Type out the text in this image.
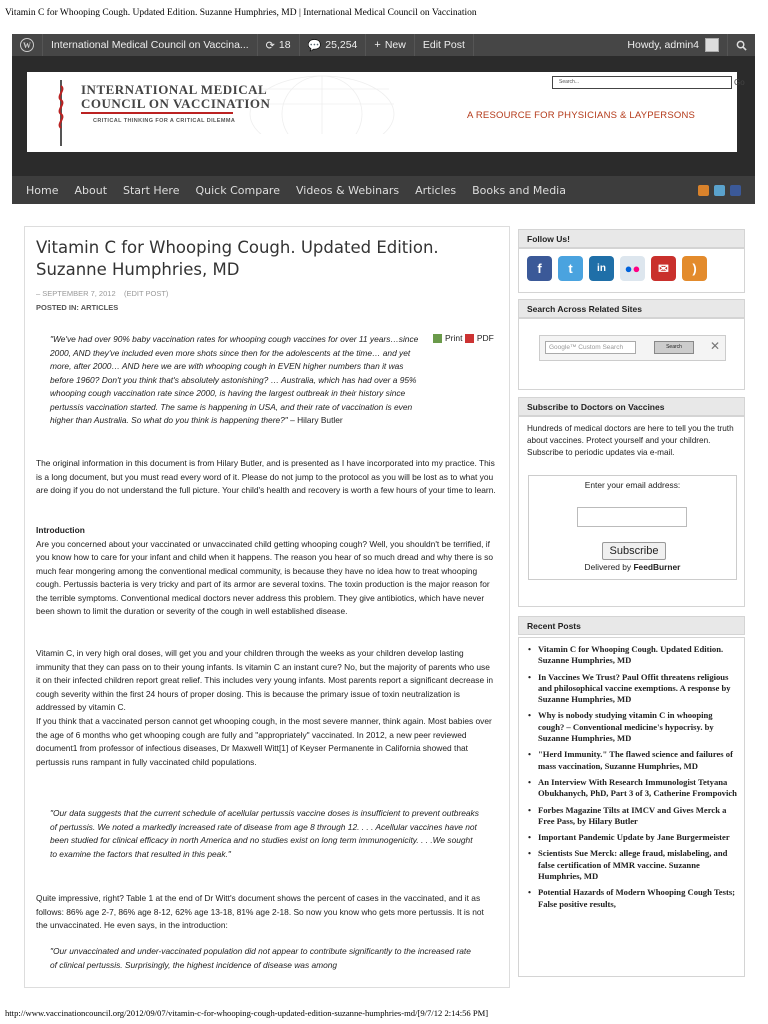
Vitamin C for Whooping Cough. Updated Edition. Suzanne Humphries, MD | International Medical Council on Vaccination
http://www.vaccinationcouncil.org/2012/09/07/vitamin-c-for-whooping-cough-updated-edition-suzanne-humphries-md/[9/7/12 2:14:56 PM]
W International Medical Council on Vaccina... ⟳ 18 💬 25,254 + New Edit Post	Howdy, admin4
INTERNATIONAL MEDICAL
COUNCIL ON VACCINATION
CRITICAL THINKING FOR A CRITICAL DILEMMA	A RESOURCE FOR PHYSICIANS & LAYPERSONS
Search...	Go
Home	About	Start Here	Quick Compare	Videos & Webinars	Articles	Books and Media
Vitamin C for Whooping Cough. Updated Edition. Suzanne Humphries, MD
– SEPTEMBER 7, 2012 (EDIT POST)
POSTED IN: ARTICLES
Print
PDF
"We've had over 90% baby vaccination rates for whooping cough vaccines for over 11 years…since 2000, AND they've included even more shots since then for the adolescents at the time… and yet more, after 2000… AND here we are with whooping cough in EVEN higher numbers than it was before 1960? Don't you think that's absolutely astonishing? … Australia, which has had over a 95% whooping cough vaccination rate since 2000, is having the largest outbreak in their history since pertussis vaccination started. The same is happening in USA, and their rate of vaccination is even higher than Australia. So what do you think is happening there?" – Hilary Butler
The original information in this document is from Hilary Butler, and is presented as I have incorporated into my practice. This is a long document, but you must read every word of it. Please do not jump to the protocol as you will be lost as to what you are doing if you do not understand the full picture. Your child's health and recovery is worth a few hours of your time to learn.
Introduction
Are you concerned about your vaccinated or unvaccinated child getting whooping cough? Well, you shouldn't be terrified, if you know how to care for your infant and child when it happens. The reason you hear of so much dread and why there is so much fear mongering among the conventional medical community, is because they have no idea how to treat whooping cough. Pertussis bacteria is very tricky and part of its armor are several toxins. The toxin production is the major reason for the terrible symptoms. Conventional medical doctors never address this problem. They give antibiotics, which have never been shown to limit the duration or severity of the cough in well established disease.
Vitamin C, in very high oral doses, will get you and your children through the weeks as your children develop lasting immunity that they can pass on to their young infants. Is vitamin C an instant cure? No, but the majority of parents who use it on their infected children report great relief. This includes very young infants. Most parents report a significant decrease in cough severity within the first 24 hours of proper dosing. This is because the primary issue of toxin neutralization is addressed by vitamin C.
If you think that a vaccinated person cannot get whooping cough, in the most severe manner, think again. Most babies over the age of 6 months who get whooping cough are fully and "appropriately" vaccinated. In 2012, a new peer reviewed document1 from professor of infectious diseases, Dr Maxwell Witt[1] of Keyser Permanente in California showed that pertussis runs rampant in fully vaccinated child populations.
"Our data suggests that the current schedule of acellular pertussis vaccine doses is insufficient to prevent outbreaks of pertussis. We noted a markedly increased rate of disease from age 8 through 12. . . . Acellular vaccines have not been studied for clinical efficacy in north America and no studies exist on long term immunogenicity. . . .We sought to examine the factors that resulted in this peak."
Quite impressive, right? Table 1 at the end of Dr Witt's document shows the percent of cases in the vaccinated, and it as follows: 86% age 2-7, 86% age 8-12, 62% age 13-18, 81% age 2-18. So now you know who gets more pertussis. It is not the unvaccinated. He even says, in the introduction:
"Our unvaccinated and under-vaccinated population did not appear to contribute significantly to the increased rate of clinical pertussis. Surprisingly, the highest incidence of disease was among
Follow Us!
f	t	in	● ●	✉	)
Search Across Related Sites
Google™ Custom Search	Search	✕
Subscribe to Doctors on Vaccines
Hundreds of medical doctors are here to tell you the truth about vaccines. Protect yourself and your children. Subscribe to periodic updates via e-mail.
Enter your email address:
Subscribe
Delivered by FeedBurner
Recent Posts
• Vitamin C for Whooping Cough. Updated Edition. Suzanne Humphries, MD
• In Vaccines We Trust? Paul Offit threatens religious and philosophical vaccine exemptions. A response by Suzanne Humphries, MD
• Why is nobody studying vitamin C in whooping cough? – Conventional medicine's hypocrisy. by Suzanne Humphries, MD
• "Herd Immunity." The flawed science and failures of mass vaccination, Suzanne Humphries, MD
• An Interview With Research Immunologist Tetyana Obukhanych, PhD, Part 3 of 3, Catherine Frompovich
• Forbes Magazine Tilts at IMCV and Gives Merck a Free Pass, by Hilary Butler
• Important Pandemic Update by Jane Burgermeister
• Scientists Sue Merck: allege fraud, mislabeling, and false certification of MMR vaccine. Suzanne Humphries, MD
• Potential Hazards of Modern Whooping Cough Tests; False positive results,
